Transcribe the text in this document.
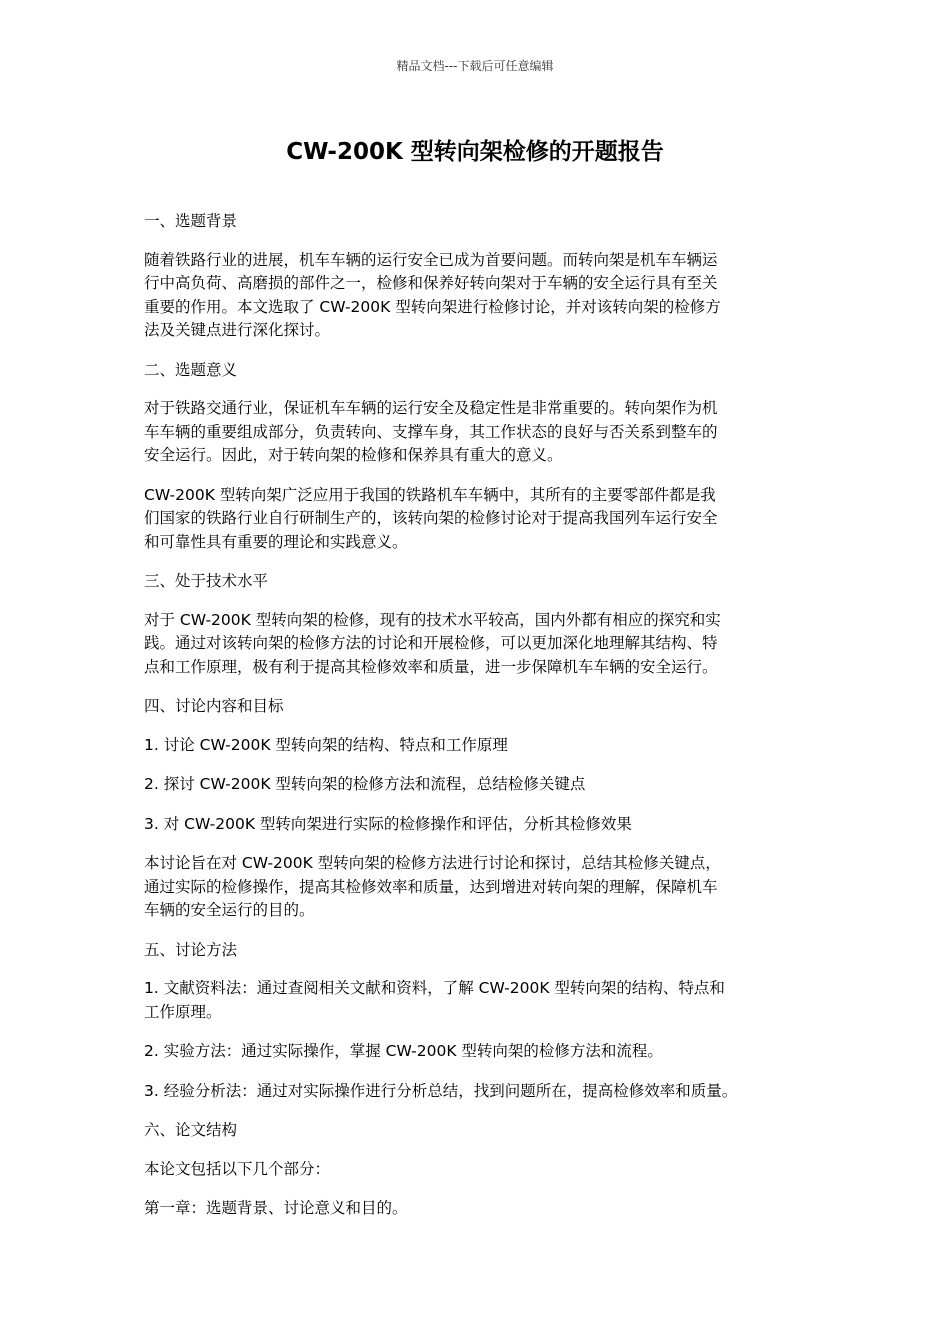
精品文档---下载后可任意编辑
CW-200K 型转向架检修的开题报告
一、选题背景
随着铁路行业的进展，机车车辆的运行安全已成为首要问题。而转向架是机车车辆运
行中高负荷、高磨损的部件之一，检修和保养好转向架对于车辆的安全运行具有至关
重要的作用。本文选取了 CW-200K 型转向架进行检修讨论，并对该转向架的检修方
法及关键点进行深化探讨。
二、选题意义
对于铁路交通行业，保证机车车辆的运行安全及稳定性是非常重要的。转向架作为机
车车辆的重要组成部分，负责转向、支撑车身，其工作状态的良好与否关系到整车的
安全运行。因此，对于转向架的检修和保养具有重大的意义。
CW-200K 型转向架广泛应用于我国的铁路机车车辆中，其所有的主要零部件都是我
们国家的铁路行业自行研制生产的，该转向架的检修讨论对于提高我国列车运行安全
和可靠性具有重要的理论和实践意义。
三、处于技术水平
对于 CW-200K 型转向架的检修，现有的技术水平较高，国内外都有相应的探究和实
践。通过对该转向架的检修方法的讨论和开展检修，可以更加深化地理解其结构、特
点和工作原理，极有利于提高其检修效率和质量，进一步保障机车车辆的安全运行。
四、讨论内容和目标
1. 讨论 CW-200K 型转向架的结构、特点和工作原理
2. 探讨 CW-200K 型转向架的检修方法和流程，总结检修关键点
3. 对 CW-200K 型转向架进行实际的检修操作和评估，分析其检修效果
本讨论旨在对 CW-200K 型转向架的检修方法进行讨论和探讨，总结其检修关键点，
通过实际的检修操作，提高其检修效率和质量，达到增进对转向架的理解，保障机车
车辆的安全运行的目的。
五、讨论方法
1. 文献资料法：通过查阅相关文献和资料，了解 CW-200K 型转向架的结构、特点和
工作原理。
2. 实验方法：通过实际操作，掌握 CW-200K 型转向架的检修方法和流程。
3. 经验分析法：通过对实际操作进行分析总结，找到问题所在，提高检修效率和质量。
六、论文结构
本论文包括以下几个部分：
第一章：选题背景、讨论意义和目的。
